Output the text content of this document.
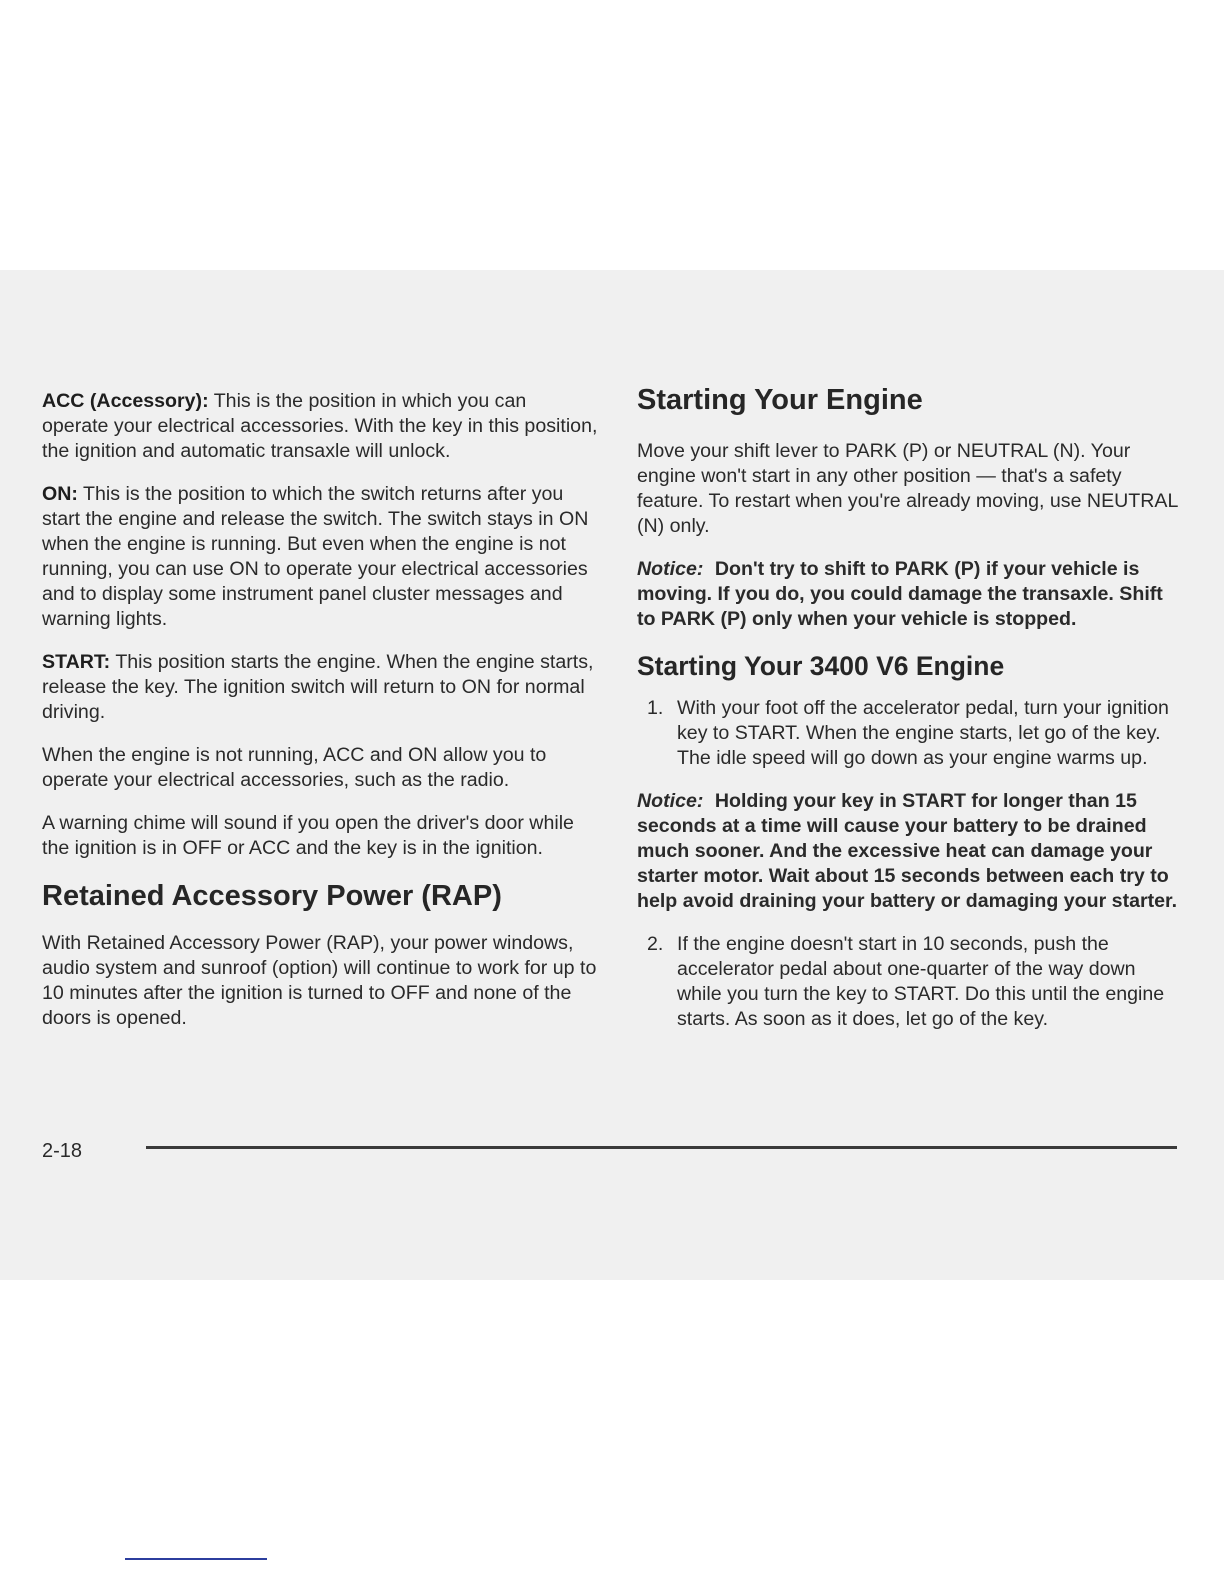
ACC (Accessory): This is the position in which you can operate your electrical accessories. With the key in this position, the ignition and automatic transaxle will unlock.

ON: This is the position to which the switch returns after you start the engine and release the switch. The switch stays in ON when the engine is running. But even when the engine is not running, you can use ON to operate your electrical accessories and to display some instrument panel cluster messages and warning lights.

START: This position starts the engine. When the engine starts, release the key. The ignition switch will return to ON for normal driving.

When the engine is not running, ACC and ON allow you to operate your electrical accessories, such as the radio.

A warning chime will sound if you open the driver's door while the ignition is in OFF or ACC and the key is in the ignition.

Retained Accessory Power (RAP)

With Retained Accessory Power (RAP), your power windows, audio system and sunroof (option) will continue to work for up to 10 minutes after the ignition is turned to OFF and none of the doors is opened.

Starting Your Engine

Move your shift lever to PARK (P) or NEUTRAL (N). Your engine won't start in any other position — that's a safety feature. To restart when you're already moving, use NEUTRAL (N) only.

Notice: Don't try to shift to PARK (P) if your vehicle is moving. If you do, you could damage the transaxle. Shift to PARK (P) only when your vehicle is stopped.

Starting Your 3400 V6 Engine
1. With your foot off the accelerator pedal, turn your ignition key to START. When the engine starts, let go of the key. The idle speed will go down as your engine warms up.

Notice: Holding your key in START for longer than 15 seconds at a time will cause your battery to be drained much sooner. And the excessive heat can damage your starter motor. Wait about 15 seconds between each try to help avoid draining your battery or damaging your starter.

2. If the engine doesn't start in 10 seconds, push the accelerator pedal about one-quarter of the way down while you turn the key to START. Do this until the engine starts. As soon as it does, let go of the key.
2-18
